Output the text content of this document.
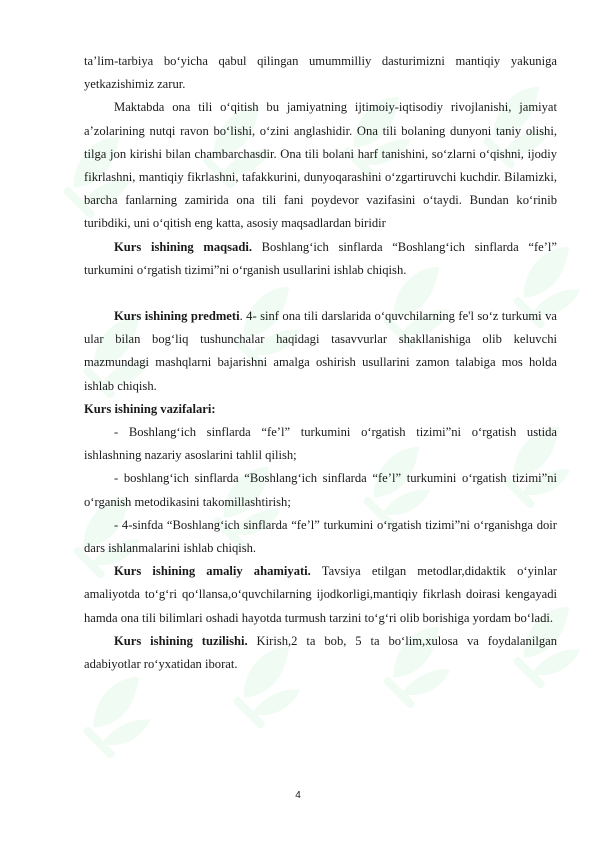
ta’lim-tarbiya bo‘yicha qabul qilingan umummilliy dasturimizni mantiqiy yakuniga yetkazishimiz zarur.

Maktabda ona tili o‘qitish bu jamiyatning ijtimoiy-iqtisodiy rivojlanishi, jamiyat a’zolarining nutqi ravon bo‘lishi, o‘zini anglashidir. Ona tili bolaning dunyoni taniy olishi, tilga jon kirishi bilan chambarchasdir. Ona tili bolani harf tanishini, so‘zlarni o‘qishni, ijodiy fikrlashni, mantiqiy fikrlashni, tafakkurini, dunyoqarashini o‘zgartiruvchi kuchdir. Bilamizki, barcha fanlarning zamirida ona tili fani poydevor vazifasini o‘taydi. Bundan ko‘rinib turibdiki, uni o‘qitish eng katta, asosiy maqsadlardan biridir

Kurs ishining maqsadi. Boshlang‘ich sinflarda “Boshlang‘ich sinflarda “fe’l” turkumini o‘rgatish tizimi”ni o‘rganish usullarini ishlab chiqish.

Kurs ishining predmeti. 4- sinf ona tili darslarida o‘quvchilarning fe'l so‘z turkumi va ular bilan bog‘liq tushunchalar haqidagi tasavvurlar shakllanishiga olib keluvchi mazmundagi mashqlarni bajarishni amalga oshirish usullarini zamon talabiga mos holda ishlab chiqish.

Kurs ishining vazifalari:

- Boshlang‘ich sinflarda “fe’l” turkumini o‘rgatish tizimi”ni o‘rgatish ustida ishlashning nazariy asoslarini tahlil qilish;

- boshlang‘ich sinflarda “Boshlang‘ich sinflarda “fe’l” turkumini o‘rgatish tizimi”ni o‘rganish metodikasini takomillashtirish;

- 4-sinfda “Boshlang‘ich sinflarda “fe’l” turkumini o‘rgatish tizimi”ni o‘rganishga doir dars ishlanmalarini ishlab chiqish.

Kurs ishining amaliy ahamiyati. Tavsiya etilgan metodlar,didaktik o‘yinlar amaliyotda to‘g‘ri qo‘llansa,o‘quvchilarning ijodkorligi,mantiqiy fikrlash doirasi kengayadi hamda ona tili bilimlari oshadi hayotda turmush tarzini to‘g‘ri olib borishiga yordam bo‘ladi.

Kurs ishining tuzilishi. Kirish,2 ta bob, 5 ta bo‘lim,xulosa va foydalanilgan adabiyotlar ro‘yxatidan iborat.

4
